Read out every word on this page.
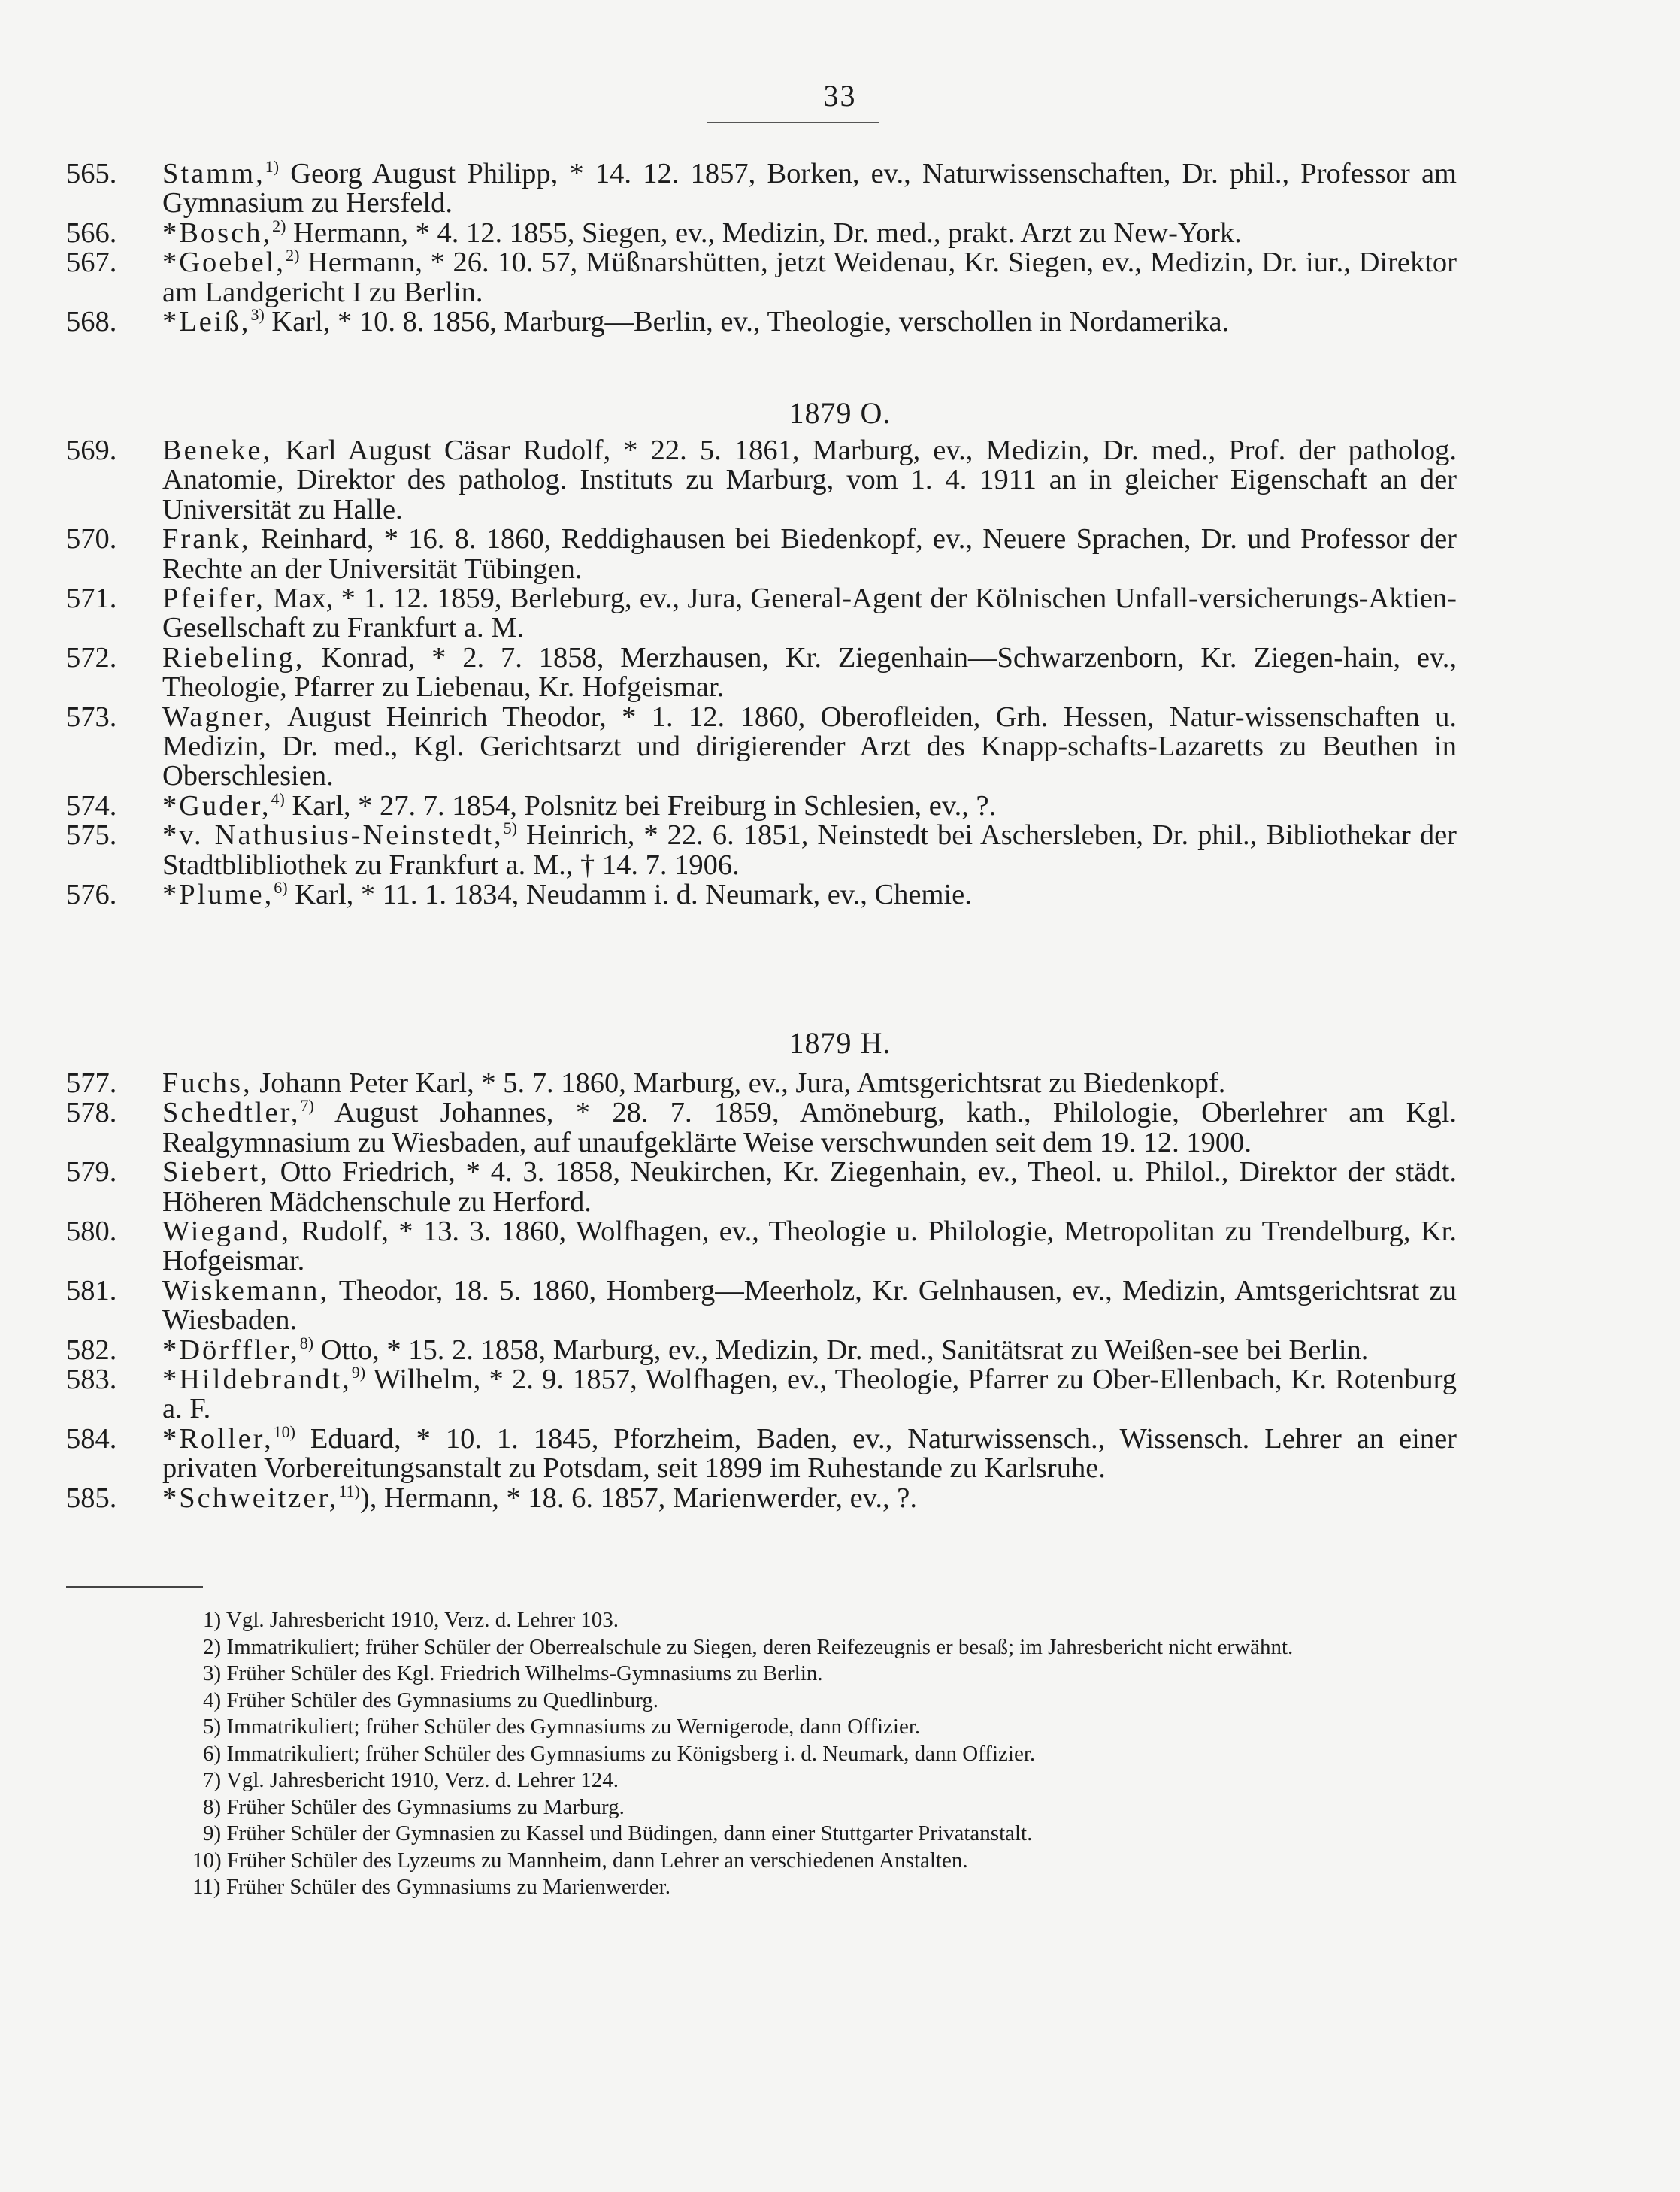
33
565.	Stamm,$^{1)}$ Georg August Philipp, * 14. 12. 1857, Borken, ev., Naturwissenschaften, Dr. phil., Professor am Gymnasium zu Hersfeld.
566.	*Bosch,$^{2)}$ Hermann, * 4. 12. 1855, Siegen, ev., Medizin, Dr. med., prakt. Arzt zu New-York.
567.	*Goebel,$^{2)}$ Hermann, * 26. 10. 57, Müßnarshütten, jetzt Weidenau, Kr. Siegen, ev., Medizin, Dr. iur., Direktor am Landgericht I zu Berlin.
568.	*Leiß,$^{3)}$ Karl, * 10. 8. 1856, Marburg—Berlin, ev., Theologie, verschollen in Nordamerika.
1879 O.
569.	Beneke, Karl August Cäsar Rudolf, * 22. 5. 1861, Marburg, ev., Medizin, Dr. med., Prof. der patholog. Anatomie, Direktor des patholog. Instituts zu Marburg, vom 1. 4. 1911 an in gleicher Eigenschaft an der Universität zu Halle.
570.	Frank, Reinhard, * 16. 8. 1860, Reddighausen bei Biedenkopf, ev., Neuere Sprachen, Dr. und Professor der Rechte an der Universität Tübingen.
571.	Pfeifer, Max, * 1. 12. 1859, Berleburg, ev., Jura, General-Agent der Kölnischen Unfall-versicherungs-Aktien-Gesellschaft zu Frankfurt a. M.
572.	Riebeling, Konrad, * 2. 7. 1858, Merzhausen, Kr. Ziegenhain—Schwarzenborn, Kr. Ziegen-hain, ev., Theologie, Pfarrer zu Liebenau, Kr. Hofgeismar.
573.	Wagner, August Heinrich Theodor, * 1. 12. 1860, Oberofleiden, Grh. Hessen, Natur-wissenschaften u. Medizin, Dr. med., Kgl. Gerichtsarzt und dirigierender Arzt des Knapp-schafts-Lazaretts zu Beuthen in Oberschlesien.
574.	*Guder,$^{4)}$ Karl, * 27. 7. 1854, Polsnitz bei Freiburg in Schlesien, ev., ?.
575.	*v. Nathusius-Neinstedt,$^{5)}$ Heinrich, * 22. 6. 1851, Neinstedt bei Aschersleben, Dr. phil., Bibliothekar der Stadtblibliothek zu Frankfurt a. M., † 14. 7. 1906.
576.	*Plume,$^{6)}$ Karl, * 11. 1. 1834, Neudamm i. d. Neumark, ev., Chemie.
1879 H.
577.	Fuchs, Johann Peter Karl, * 5. 7. 1860, Marburg, ev., Jura, Amtsgerichtsrat zu Biedenkopf.
578.	Schedtler,$^{7)}$ August Johannes, * 28. 7. 1859, Amöneburg, kath., Philologie, Oberlehrer am Kgl. Realgymnasium zu Wiesbaden, auf unaufgeklärte Weise verschwunden seit dem 19. 12. 1900.
579.	Siebert, Otto Friedrich, * 4. 3. 1858, Neukirchen, Kr. Ziegenhain, ev., Theol. u. Philol., Direktor der städt. Höheren Mädchenschule zu Herford.
580.	Wiegand, Rudolf, * 13. 3. 1860, Wolfhagen, ev., Theologie u. Philologie, Metropolitan zu Trendelburg, Kr. Hofgeismar.
581.	Wiskemann, Theodor, 18. 5. 1860, Homberg—Meerholz, Kr. Gelnhausen, ev., Medizin, Amtsgerichtsrat zu Wiesbaden.
582.	*Dörffler,$^{8)}$ Otto, * 15. 2. 1858, Marburg, ev., Medizin, Dr. med., Sanitätsrat zu Weißen-see bei Berlin.
583.	*Hildebrandt,$^{9)}$ Wilhelm, * 2. 9. 1857, Wolfhagen, ev., Theologie, Pfarrer zu Ober-Ellenbach, Kr. Rotenburg a. F.
584.	*Roller,$^{10)}$ Eduard, * 10. 1. 1845, Pforzheim, Baden, ev., Naturwissensch., Wissensch. Lehrer an einer privaten Vorbereitungsanstalt zu Potsdam, seit 1899 im Ruhestande zu Karlsruhe.
585.	*Schweitzer,$^{11)}$), Hermann, * 18. 6. 1857, Marienwerder, ev., ?.
1) Vgl. Jahresbericht 1910, Verz. d. Lehrer 103.
2) Immatrikuliert; früher Schüler der Oberrealschule zu Siegen, deren Reifezeugnis er besaß; im Jahresbericht nicht erwähnt.
3) Früher Schüler des Kgl. Friedrich Wilhelms-Gymnasiums zu Berlin.
4) Früher Schüler des Gymnasiums zu Quedlinburg.
5) Immatrikuliert; früher Schüler des Gymnasiums zu Wernigerode, dann Offizier.
6) Immatrikuliert; früher Schüler des Gymnasiums zu Königsberg i. d. Neumark, dann Offizier.
7) Vgl. Jahresbericht 1910, Verz. d. Lehrer 124.
8) Früher Schüler des Gymnasiums zu Marburg.
9) Früher Schüler der Gymnasien zu Kassel und Büdingen, dann einer Stuttgarter Privatanstalt.
10) Früher Schüler des Lyzeums zu Mannheim, dann Lehrer an verschiedenen Anstalten.
11) Früher Schüler des Gymnasiums zu Marienwerder.
